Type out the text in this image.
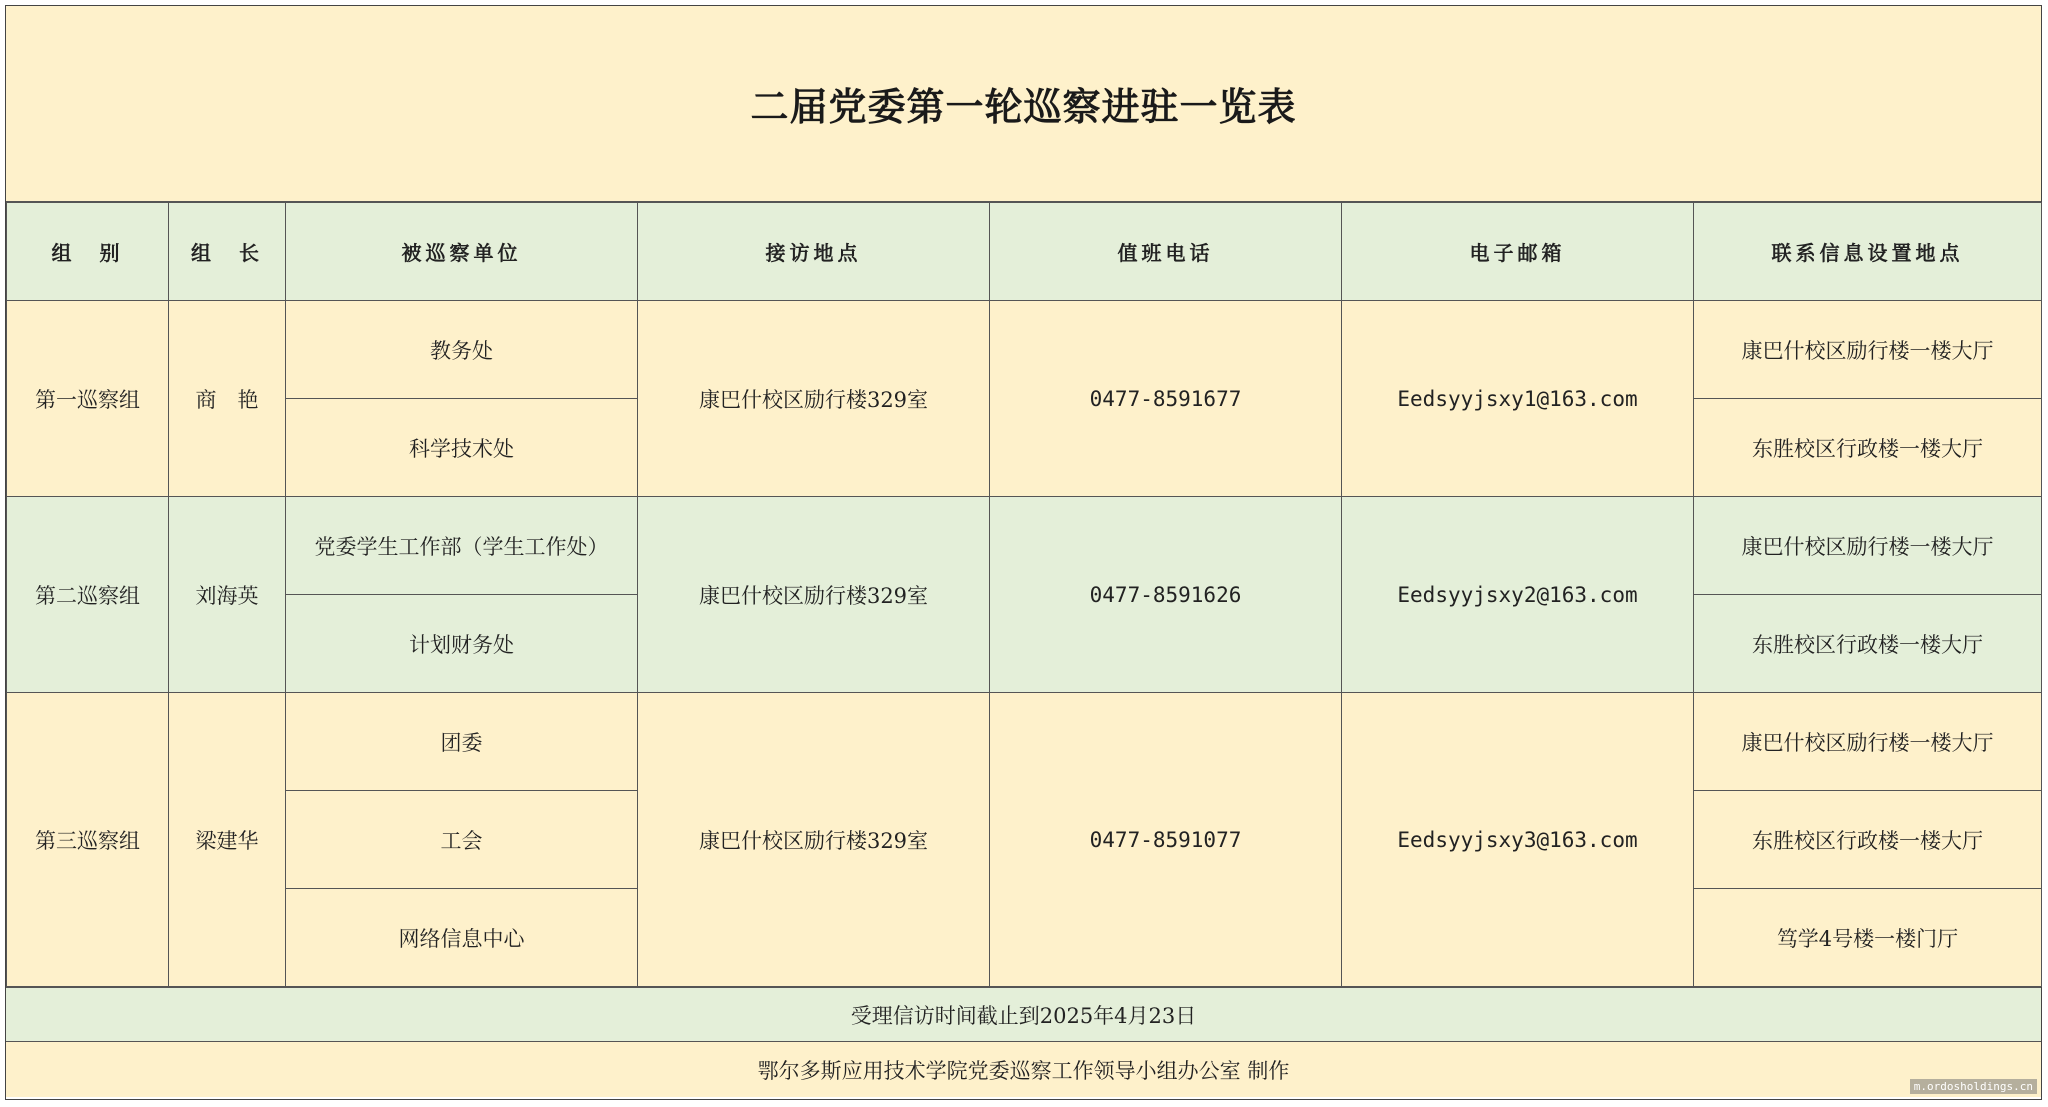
二届党委第一轮巡察进驻一览表
组　别	组　长	被巡察单位	接访地点	值班电话	电子邮箱	联系信息设置地点
第一巡察组	商　艳	教务处	康巴什校区励行楼329室	0477-8591677	Eedsyyjsxy1@163.com	康巴什校区励行楼一楼大厅
		科学技术处				东胜校区行政楼一楼大厅
第二巡察组	刘海英	党委学生工作部（学生工作处）	康巴什校区励行楼329室	0477-8591626	Eedsyyjsxy2@163.com	康巴什校区励行楼一楼大厅
		计划财务处				东胜校区行政楼一楼大厅
第三巡察组	梁建华	团委	康巴什校区励行楼329室	0477-8591077	Eedsyyjsxy3@163.com	康巴什校区励行楼一楼大厅
		工会				东胜校区行政楼一楼大厅
		网络信息中心				笃学4号楼一楼门厅
受理信访时间截止到2025年4月23日
鄂尔多斯应用技术学院党委巡察工作领导小组办公室 制作
m.ordosholdings.cn
